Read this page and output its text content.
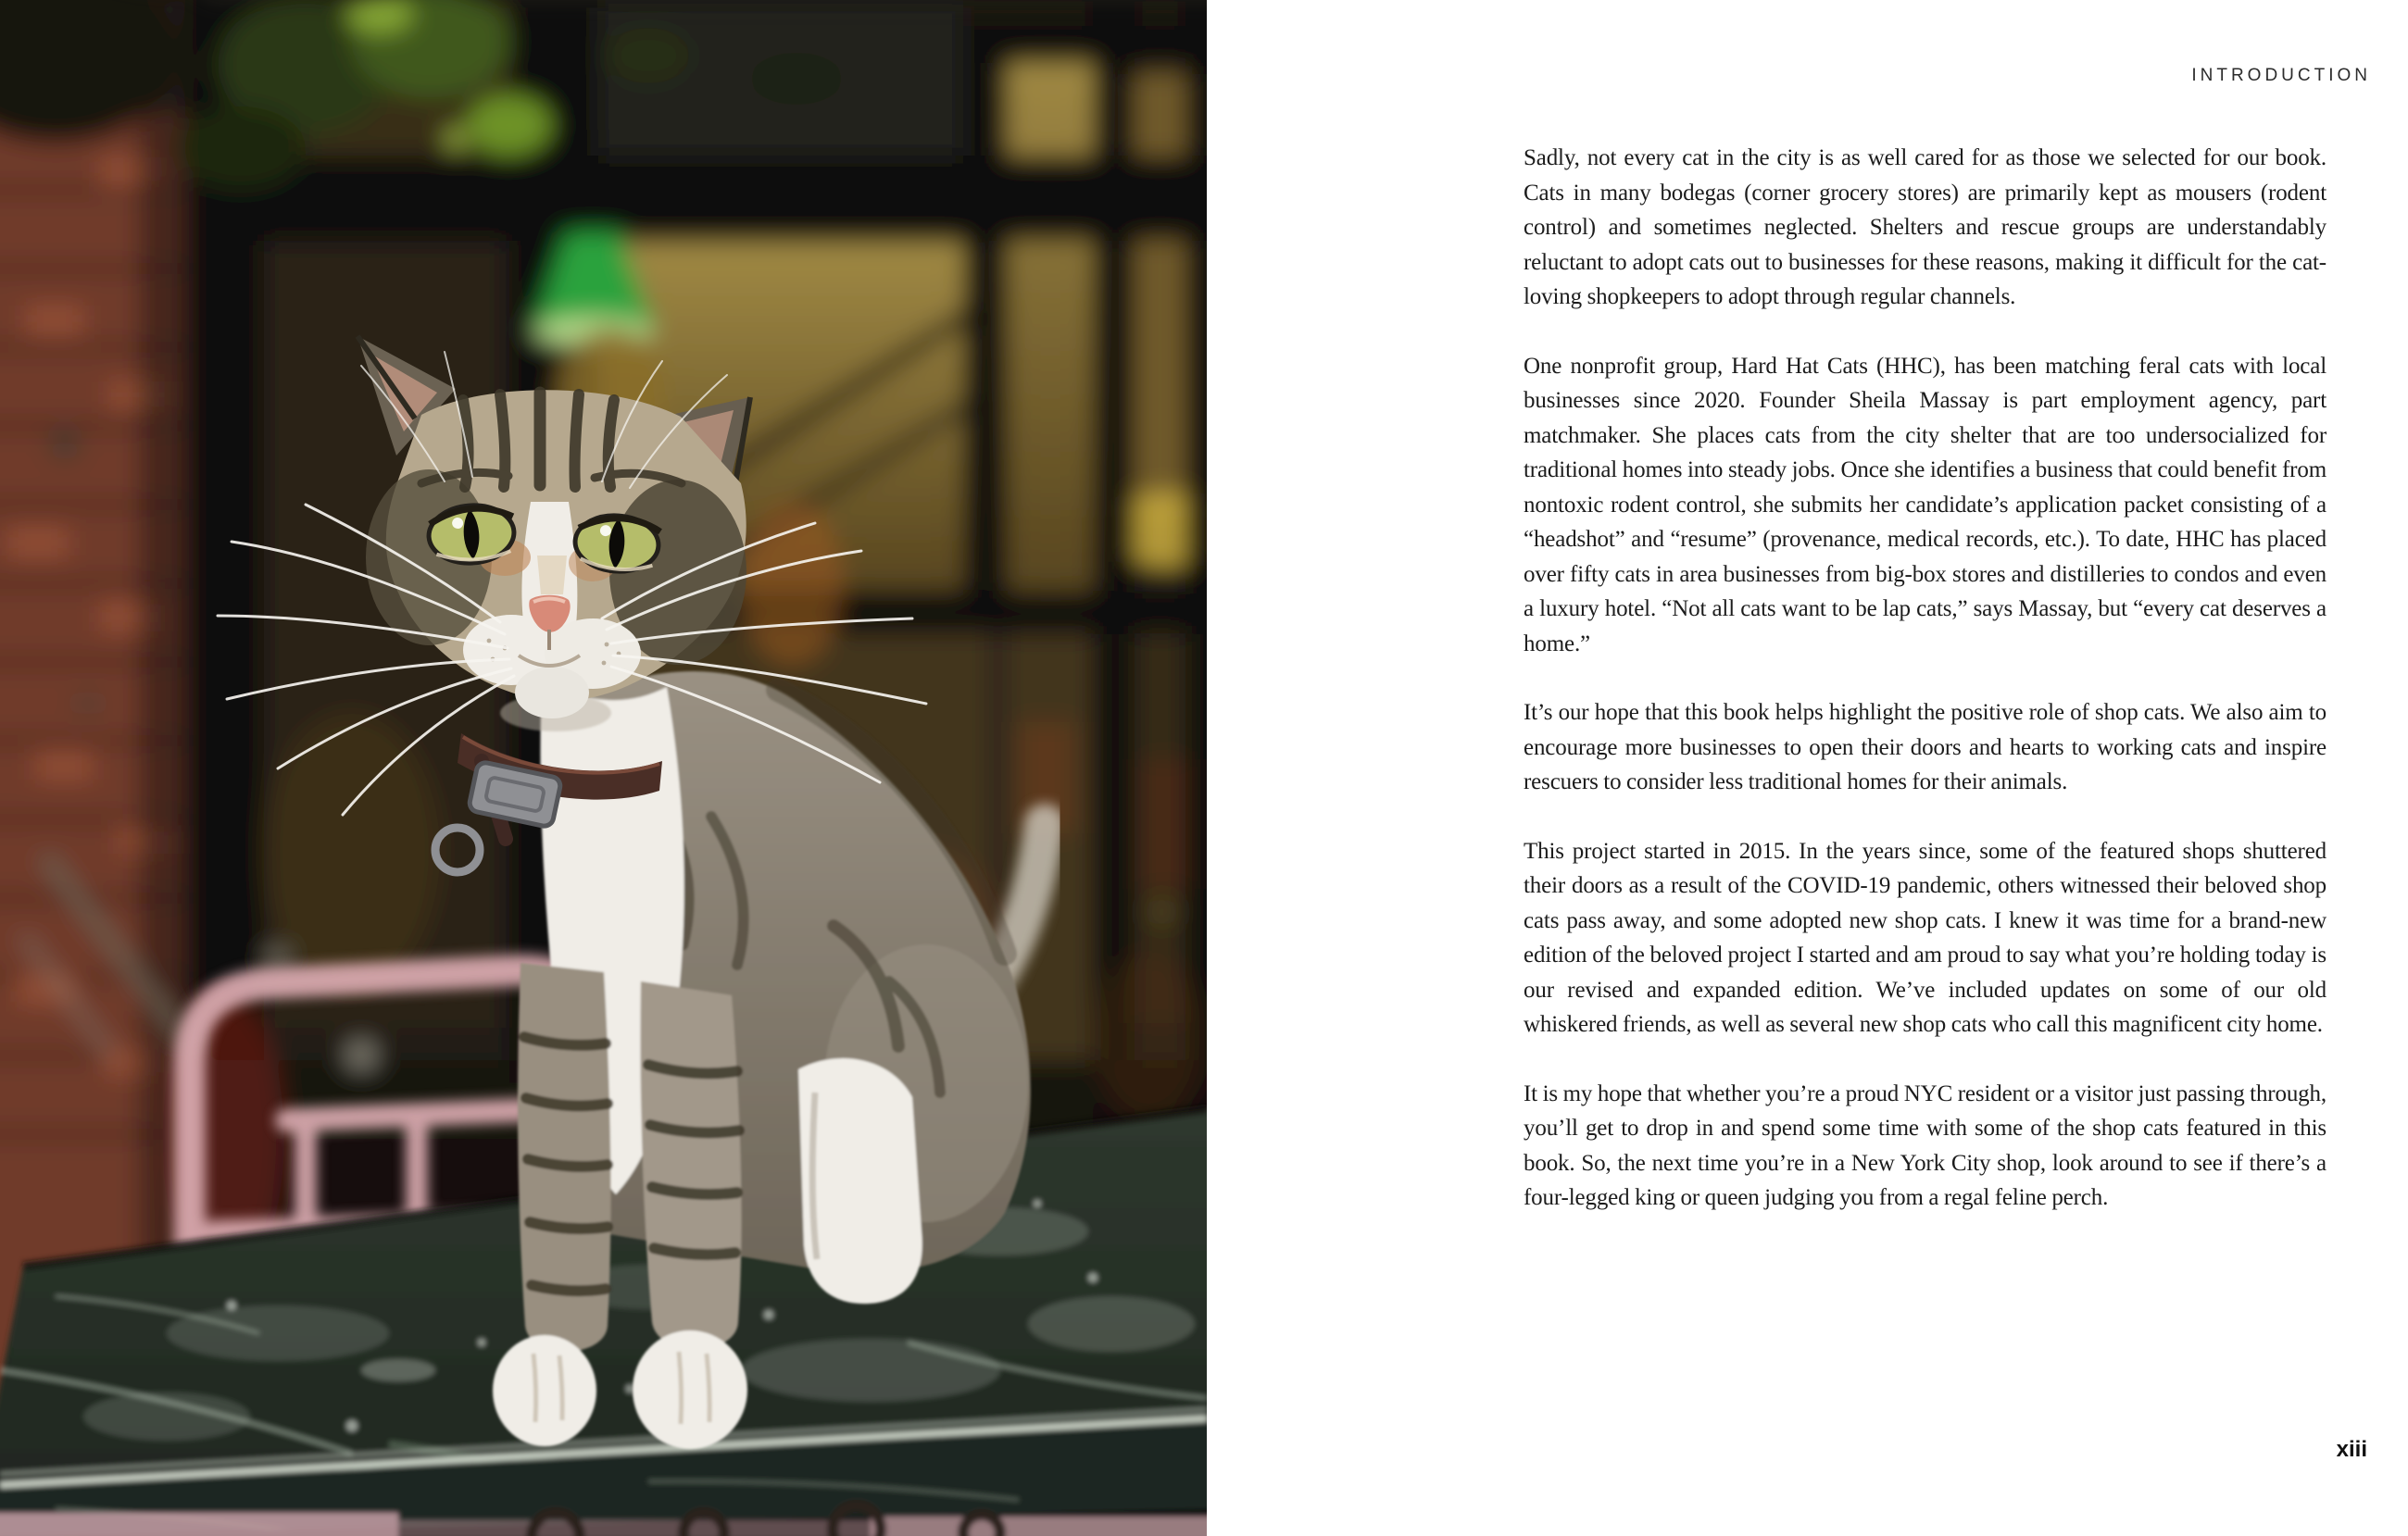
INTRODUCTION

Sadly, not every cat in the city is as well cared for as those we selected for our book. Cats in many bodegas (corner grocery stores) are primarily kept as mousers (rodent control) and sometimes neglected. Shelters and rescue groups are understandably reluctant to adopt cats out to businesses for these reasons, making it difficult for the cat-loving shopkeepers to adopt through regular channels.

One nonprofit group, Hard Hat Cats (HHC), has been matching feral cats with local businesses since 2020. Founder Sheila Massay is part employment agency, part matchmaker. She places cats from the city shelter that are too undersocialized for traditional homes into steady jobs. Once she identifies a business that could benefit from nontoxic rodent control, she submits her candidate’s application packet consisting of a “headshot” and “resume” (provenance, medical records, etc.). To date, HHC has placed over fifty cats in area businesses from big-box stores and distilleries to condos and even a luxury hotel. “Not all cats want to be lap cats,” says Massay, but “every cat deserves a home.”

It’s our hope that this book helps highlight the positive role of shop cats. We also aim to encourage more businesses to open their doors and hearts to working cats and inspire rescuers to consider less traditional homes for their animals.

This project started in 2015. In the years since, some of the featured shops shuttered their doors as a result of the COVID-19 pandemic, others witnessed their beloved shop cats pass away, and some adopted new shop cats. I knew it was time for a brand-new edition of the beloved project I started and am proud to say what you’re holding today is our revised and expanded edition. We’ve included updates on some of our old whiskered friends, as well as several new shop cats who call this magnificent city home.

It is my hope that whether you’re a proud NYC resident or a visitor just passing through, you’ll get to drop in and spend some time with some of the shop cats featured in this book. So, the next time you’re in a New York City shop, look around to see if there’s a four-legged king or queen judging you from a regal feline perch.

xiii
